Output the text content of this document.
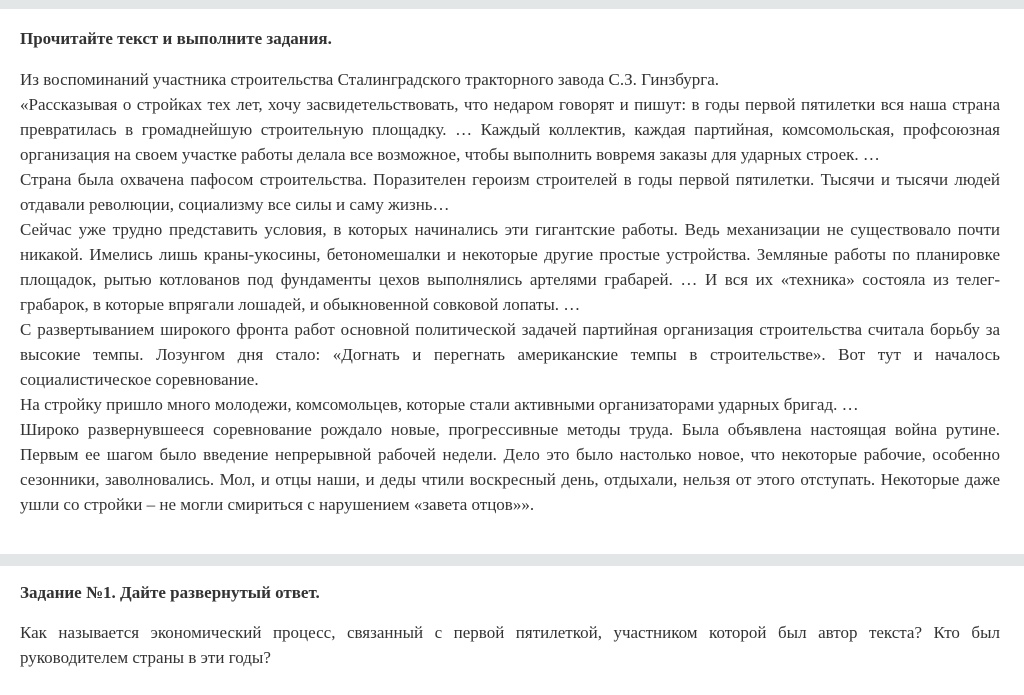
Прочитайте текст и выполните задания.

Из воспоминаний участника строительства Сталинградского тракторного завода С.З. Гинзбурга.

«Рассказывая о стройках тех лет, хочу засвидетельствовать, что недаром говорят и пишут: в годы первой пятилетки вся наша страна превратилась в громаднейшую строительную площадку. … Каждый коллектив, каждая партийная, комсомольская, профсоюзная организация на своем участке работы делала все возможное, чтобы выполнить вовремя заказы для ударных строек. …

Страна была охвачена пафосом строительства. Поразителен героизм строителей в годы первой пятилетки. Тысячи и тысячи людей отдавали революции, социализму все силы и саму жизнь…

Сейчас уже трудно представить условия, в которых начинались эти гигантские работы. Ведь механизации не существовало почти никакой. Имелись лишь краны-укосины, бетономешалки и некоторые другие простые устройства. Земляные работы по планировке площадок, рытью котлованов под фундаменты цехов выполнялись артелями грабарей. … И вся их «техника» состояла из телег-грабарок, в которые впрягали лошадей, и обыкновенной совковой лопаты. …

С развертыванием широкого фронта работ основной политической задачей партийная организация строительства считала борьбу за высокие темпы. Лозунгом дня стало: «Догнать и перегнать американские темпы в строительстве». Вот тут и началось социалистическое соревнование.

На стройку пришло много молодежи, комсомольцев, которые стали активными организаторами ударных бригад. …

Широко развернувшееся соревнование рождало новые, прогрессивные методы труда. Была объявлена настоящая война рутине. Первым ее шагом было введение непрерывной рабочей недели. Дело это было настолько новое, что некоторые рабочие, особенно сезонники, заволновались. Мол, и отцы наши, и деды чтили воскресный день, отдыхали, нельзя от этого отступать. Некоторые даже ушли со стройки – не могли смириться с нарушением «завета отцов»».

Задание №1. Дайте развернутый ответ.

Как называется экономический процесс, связанный с первой пятилеткой, участником которой был автор текста? Кто был руководителем страны в эти годы?
